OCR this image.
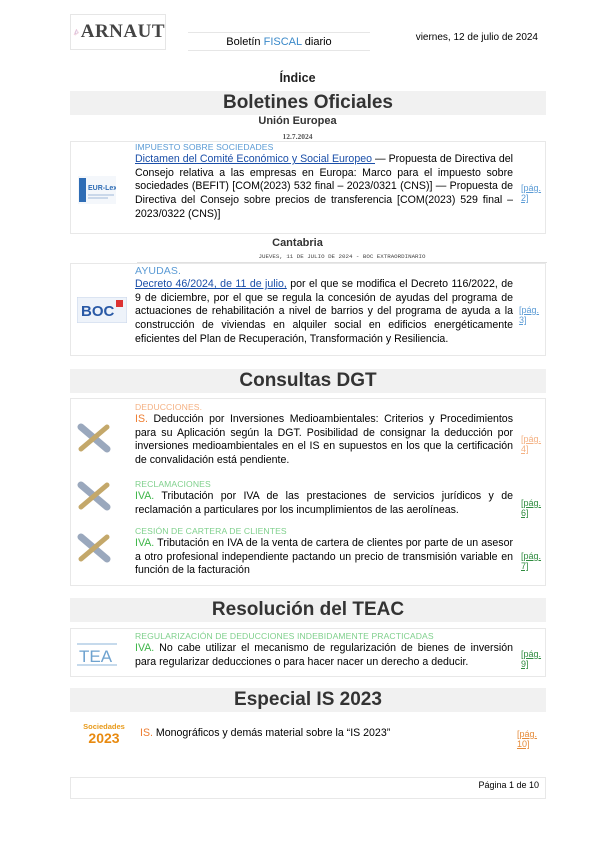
ARNAUT	Boletín FISCAL diario	viernes, 12 de julio de 2024
Índice
Boletines Oficiales
Unión Europea
12.7.2024
EUR-Lex
IMPUESTO SOBRE SOCIEDADES
Dictamen del Comité Económico y Social Europeo — Propuesta de Directiva del Consejo relativa a las empresas en Europa: Marco para el impuesto sobre sociedades (BEFIT) [COM(2023) 532 final – 2023/0321 (CNS)] — Propuesta de Directiva del Consejo sobre precios de transferencia [COM(2023) 529 final – 2023/0322 (CNS)]
[pág. 2]
Cantabria
JUEVES, 11 DE JULIO DE 2024 - BOC EXTRAORDINARIO
BOC
AYUDAS.
Decreto 46/2024, de 11 de julio, por el que se modifica el Decreto 116/2022, de 9 de diciembre, por el que se regula la concesión de ayudas del programa de actuaciones de rehabilitación a nivel de barrios y del programa de ayuda a la construcción de viviendas en alquiler social en edificios energéticamente eficientes del Plan de Recuperación, Transformación y Resiliencia.
[pág. 3]
Consultas DGT
DEDUCCIONES.
IS. Deducción por Inversiones Medioambientales: Criterios y Procedimientos para su Aplicación según la DGT. Posibilidad de consignar la deducción por inversiones medioambientales en el IS en supuestos en los que la certificación de convalidación está pendiente.
[pág. 4]
RECLAMACIONES
IVA. Tributación por IVA de las prestaciones de servicios jurídicos y de reclamación a particulares por los incumplimientos de las aerolíneas.
[pág. 6]
CESIÓN DE CARTERA DE CLIENTES
IVA. Tributación en IVA de la venta de cartera de clientes por parte de un asesor a otro profesional independiente pactando un precio de transmisión variable en función de la facturación
[pág. 7]
Resolución del TEAC
TEA
REGULARIZACIÓN DE DEDUCCIONES INDEBIDAMENTE PRACTICADAS
IVA. No cabe utilizar el mecanismo de regularización de bienes de inversión para regularizar deducciones o para hacer nacer un derecho a deducir.
[pág. 9]
Especial IS 2023
Sociedades
2023	IS. Monográficos y demás material sobre la “IS 2023”	[pág. 10]
Página 1 de 10
